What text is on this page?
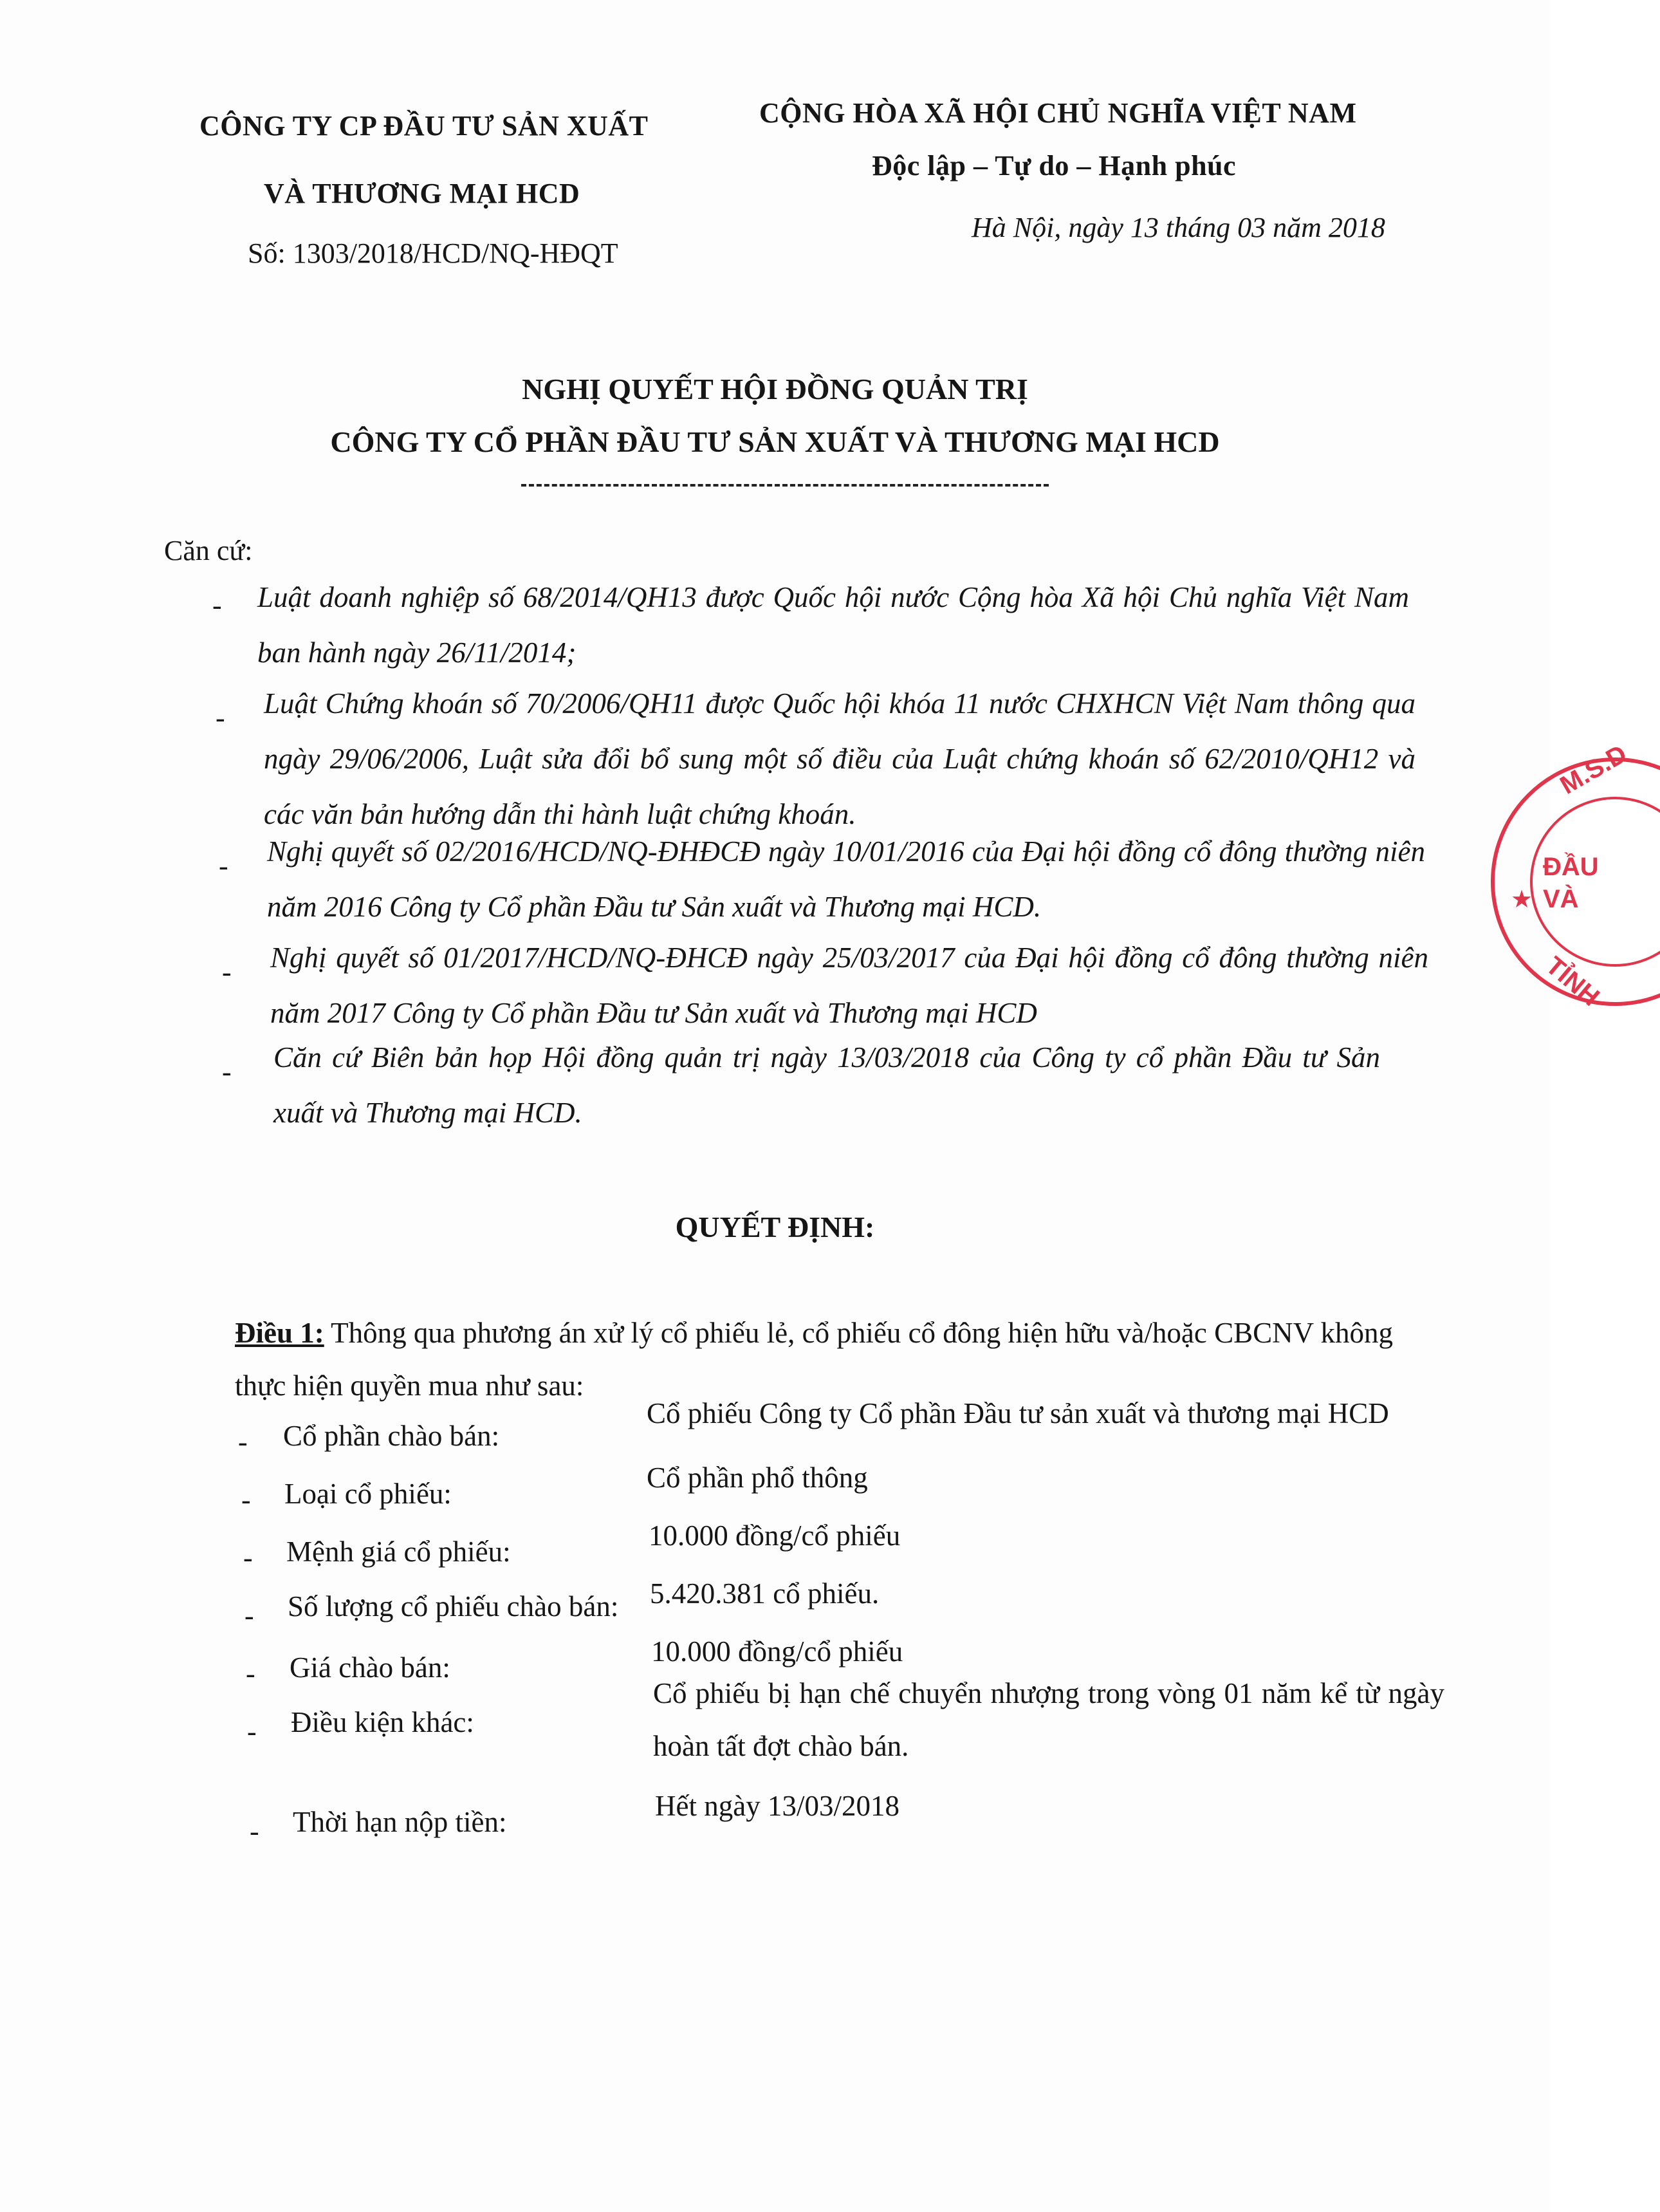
CÔNG TY CP ĐẦU TƯ SẢN XUẤT
VÀ THƯƠNG MẠI HCD
Số: 1303/2018/HCD/NQ-HĐQT
CỘNG HÒA XÃ HỘI CHỦ NGHĨA VIỆT NAM
Độc lập – Tự do – Hạnh phúc
Hà Nội, ngày 13 tháng 03 năm 2018
NGHỊ QUYẾT HỘI ĐỒNG QUẢN TRỊ
CÔNG TY CỔ PHẦN ĐẦU TƯ SẢN XUẤT VÀ THƯƠNG MẠI HCD
Căn cứ:
- Luật doanh nghiệp số 68/2014/QH13 được Quốc hội nước Cộng hòa Xã hội Chủ nghĩa Việt Nam ban hành ngày 26/11/2014;
- Luật Chứng khoán số 70/2006/QH11 được Quốc hội khóa 11 nước CHXHCN Việt Nam thông qua ngày 29/06/2006, Luật sửa đổi bổ sung một số điều của Luật chứng khoán số 62/2010/QH12 và các văn bản hướng dẫn thi hành luật chứng khoán.
- Nghị quyết số 02/2016/HCD/NQ-ĐHĐCĐ ngày 10/01/2016 của Đại hội đồng cổ đông thường niên năm 2016 Công ty Cổ phần Đầu tư Sản xuất và Thương mại HCD.
- Nghị quyết số 01/2017/HCD/NQ-ĐHCĐ ngày 25/03/2017 của Đại hội đồng cổ đông thường niên năm 2017 Công ty Cổ phần Đầu tư Sản xuất và Thương mại HCD
- Căn cứ Biên bản họp Hội đồng quản trị ngày 13/03/2018 của Công ty cổ phần Đầu tư Sản xuất và Thương mại HCD.
QUYẾT ĐỊNH:
Điều 1: Thông qua phương án xử lý cổ phiếu lẻ, cổ phiếu cổ đông hiện hữu và/hoặc CBCNV không thực hiện quyền mua như sau:
- Cổ phần chào bán:
Cổ phiếu Công ty Cổ phần Đầu tư sản xuất và thương mại HCD
- Loại cổ phiếu:	Cổ phần phổ thông
- Mệnh giá cổ phiếu:	10.000 đồng/cổ phiếu
- Số lượng cổ phiếu chào bán: 5.420.381 cổ phiếu.
- Giá chào bán:	10.000 đồng/cổ phiếu
- Điều kiện khác:
Cổ phiếu bị hạn chế chuyển nhượng trong vòng 01 năm kể từ ngày hoàn tất đợt chào bán.
- Thời hạn nộp tiền:	Hết ngày 13/03/2018
M.S.D
ĐẦU
VÀ
★
TỈNH
